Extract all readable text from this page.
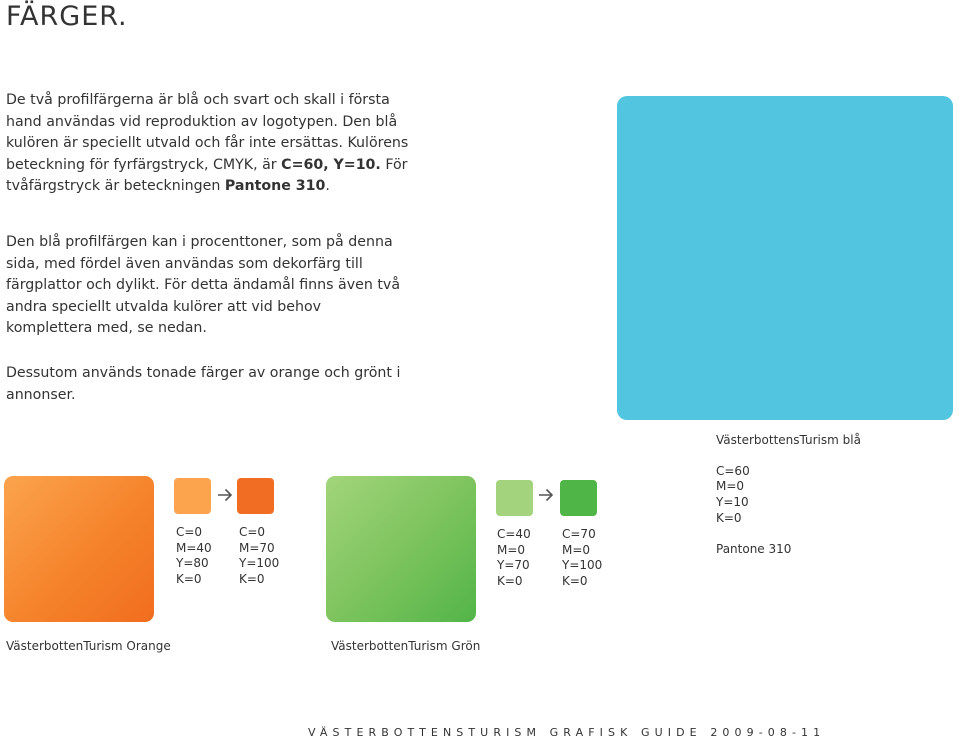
FÄRGER.

De två profilfärgerna är blå och svart och skall i första hand användas vid reproduktion av logotypen. Den blå kulören är speciellt utvald och får inte ersättas. Kulörens beteckning för fyrfärgstryck, CMYK, är C=60, Y=10. För tvåfärgstryck är beteckningen Pantone 310.

Den blå profilfärgen kan i procenttoner, som på denna sida, med fördel även användas som dekorfärg till färgplattor och dylikt. För detta ändamål finns även två andra speciellt utvalda kulörer att vid behov komplettera med, se nedan.

Dessutom används tonade färger av orange och grönt i annonser.

VästerbottensTurism blå
C=60
M=0
Y=10
K=0
Pantone 310
C=0
M=40
Y=80
K=0
C=0
M=70
Y=100
K=0
VästerbottenTurism Orange
C=40
M=0
Y=70
K=0
C=70
M=0
Y=100
K=0
VästerbottenTurism Grön
VÄSTERBOTTENSTURISM GRAFISK GUIDE 2009-08-11
